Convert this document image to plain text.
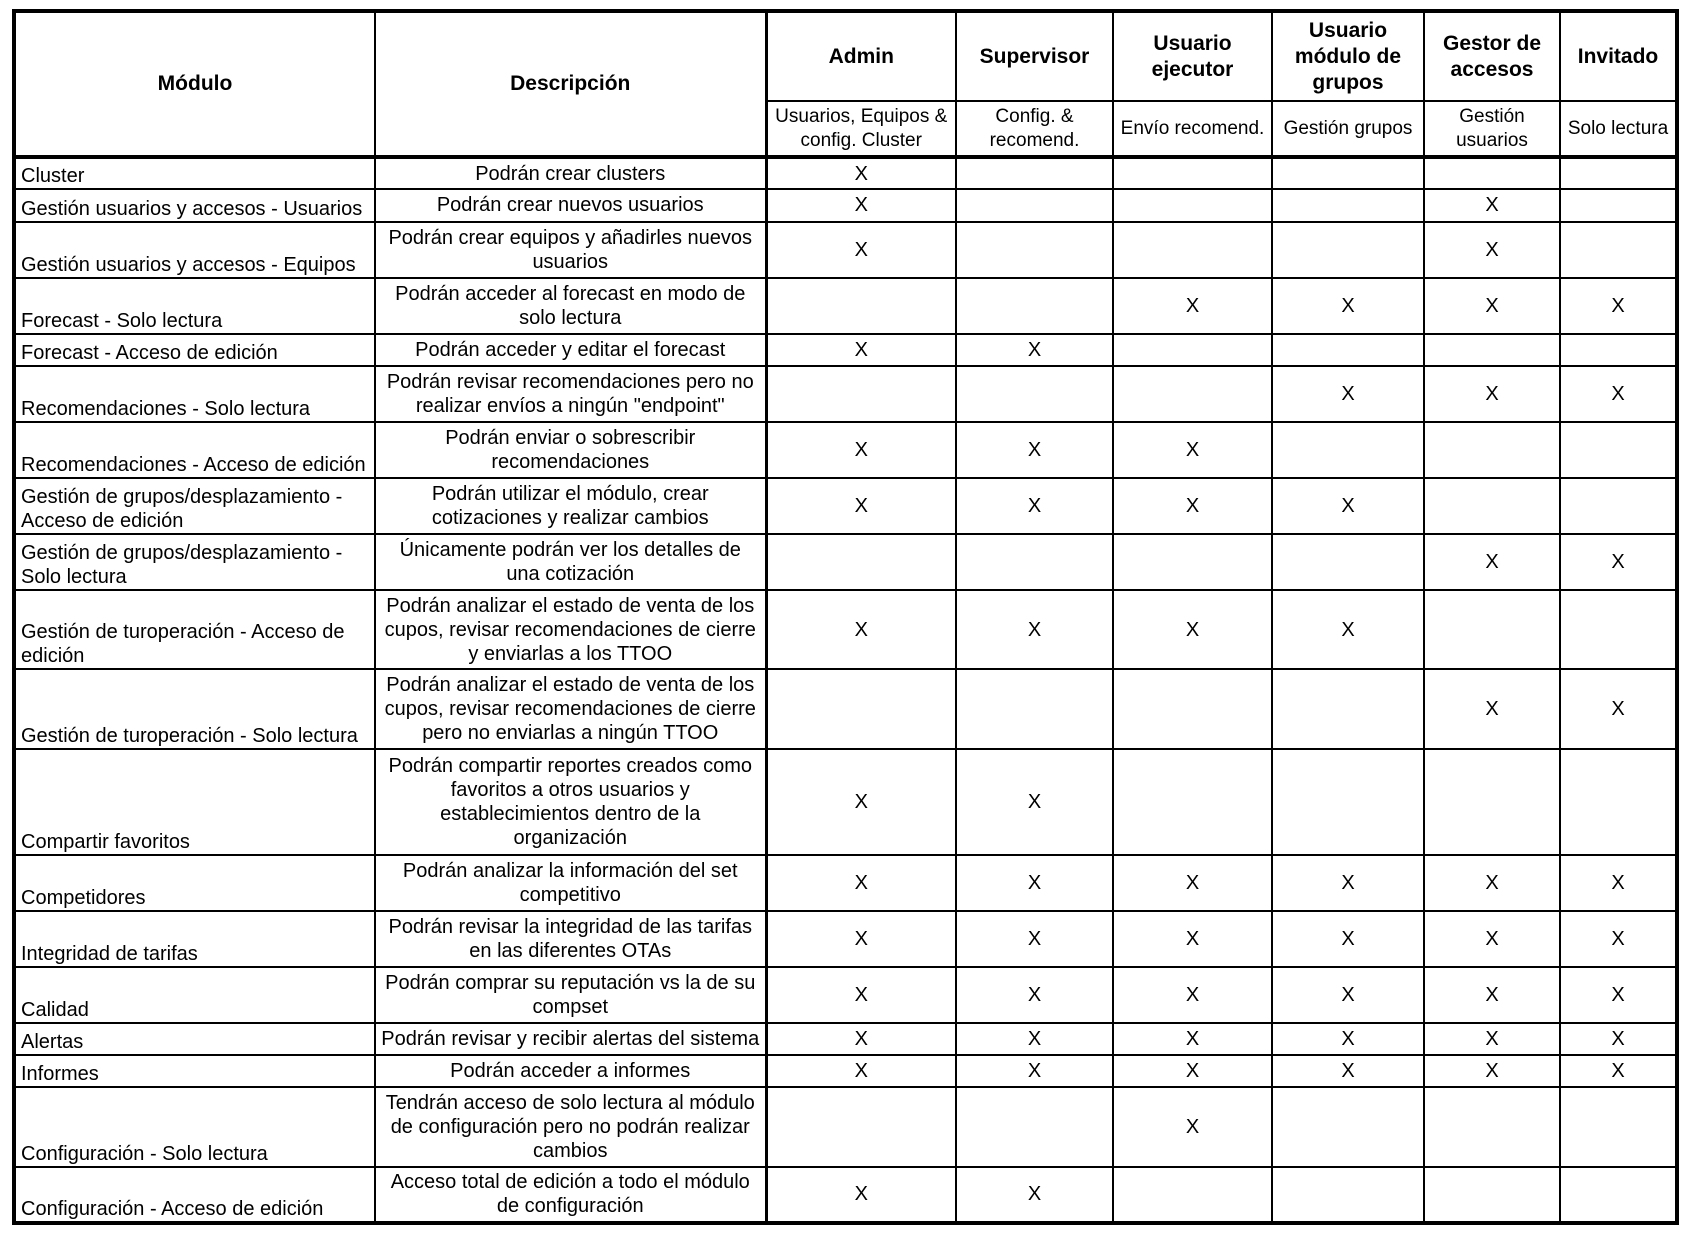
Módulo	Descripción	Admin	Supervisor	Usuario ejecutor	Usuario módulo de grupos	Gestor de accesos	Invitado
		Usuarios, Equipos & config. Cluster	Config. & recomend.	Envío recomend.	Gestión grupos	Gestión usuarios	Solo lectura
Cluster	Podrán crear clusters	X					
Gestión usuarios y accesos - Usuarios	Podrán crear nuevos usuarios	X				X	
Gestión usuarios y accesos - Equipos	Podrán crear equipos y añadirles nuevos usuarios	X				X	
Forecast - Solo lectura	Podrán acceder al forecast en modo de solo lectura			X	X	X	X
Forecast - Acceso de edición	Podrán acceder y editar el forecast	X	X				
Recomendaciones - Solo lectura	Podrán revisar recomendaciones pero no realizar envíos a ningún "endpoint"				X	X	X
Recomendaciones - Acceso de edición	Podrán enviar o sobrescribir recomendaciones	X	X	X			
Gestión de grupos/desplazamiento - Acceso de edición	Podrán utilizar el módulo, crear cotizaciones y realizar cambios	X	X	X	X		
Gestión de grupos/desplazamiento - Solo lectura	Únicamente podrán ver los detalles de una cotización					X	X
Gestión de turoperación - Acceso de edición	Podrán analizar el estado de venta de los cupos, revisar recomendaciones de cierre y enviarlas a los TTOO	X	X	X	X		
Gestión de turoperación - Solo lectura	Podrán analizar el estado de venta de los cupos, revisar recomendaciones de cierre pero no enviarlas a ningún TTOO					X	X
Compartir favoritos	Podrán compartir reportes creados como favoritos a otros usuarios y establecimientos dentro de la organización	X	X				
Competidores	Podrán analizar la información del set competitivo	X	X	X	X	X	X
Integridad de tarifas	Podrán revisar la integridad de las tarifas en las diferentes OTAs	X	X	X	X	X	X
Calidad	Podrán comprar su reputación vs la de su compset	X	X	X	X	X	X
Alertas	Podrán revisar y recibir alertas del sistema	X	X	X	X	X	X
Informes	Podrán acceder a informes	X	X	X	X	X	X
Configuración - Solo lectura	Tendrán acceso de solo lectura al módulo de configuración pero no podrán realizar cambios			X			
Configuración - Acceso de edición	Acceso total de edición a todo el módulo de configuración	X	X				
